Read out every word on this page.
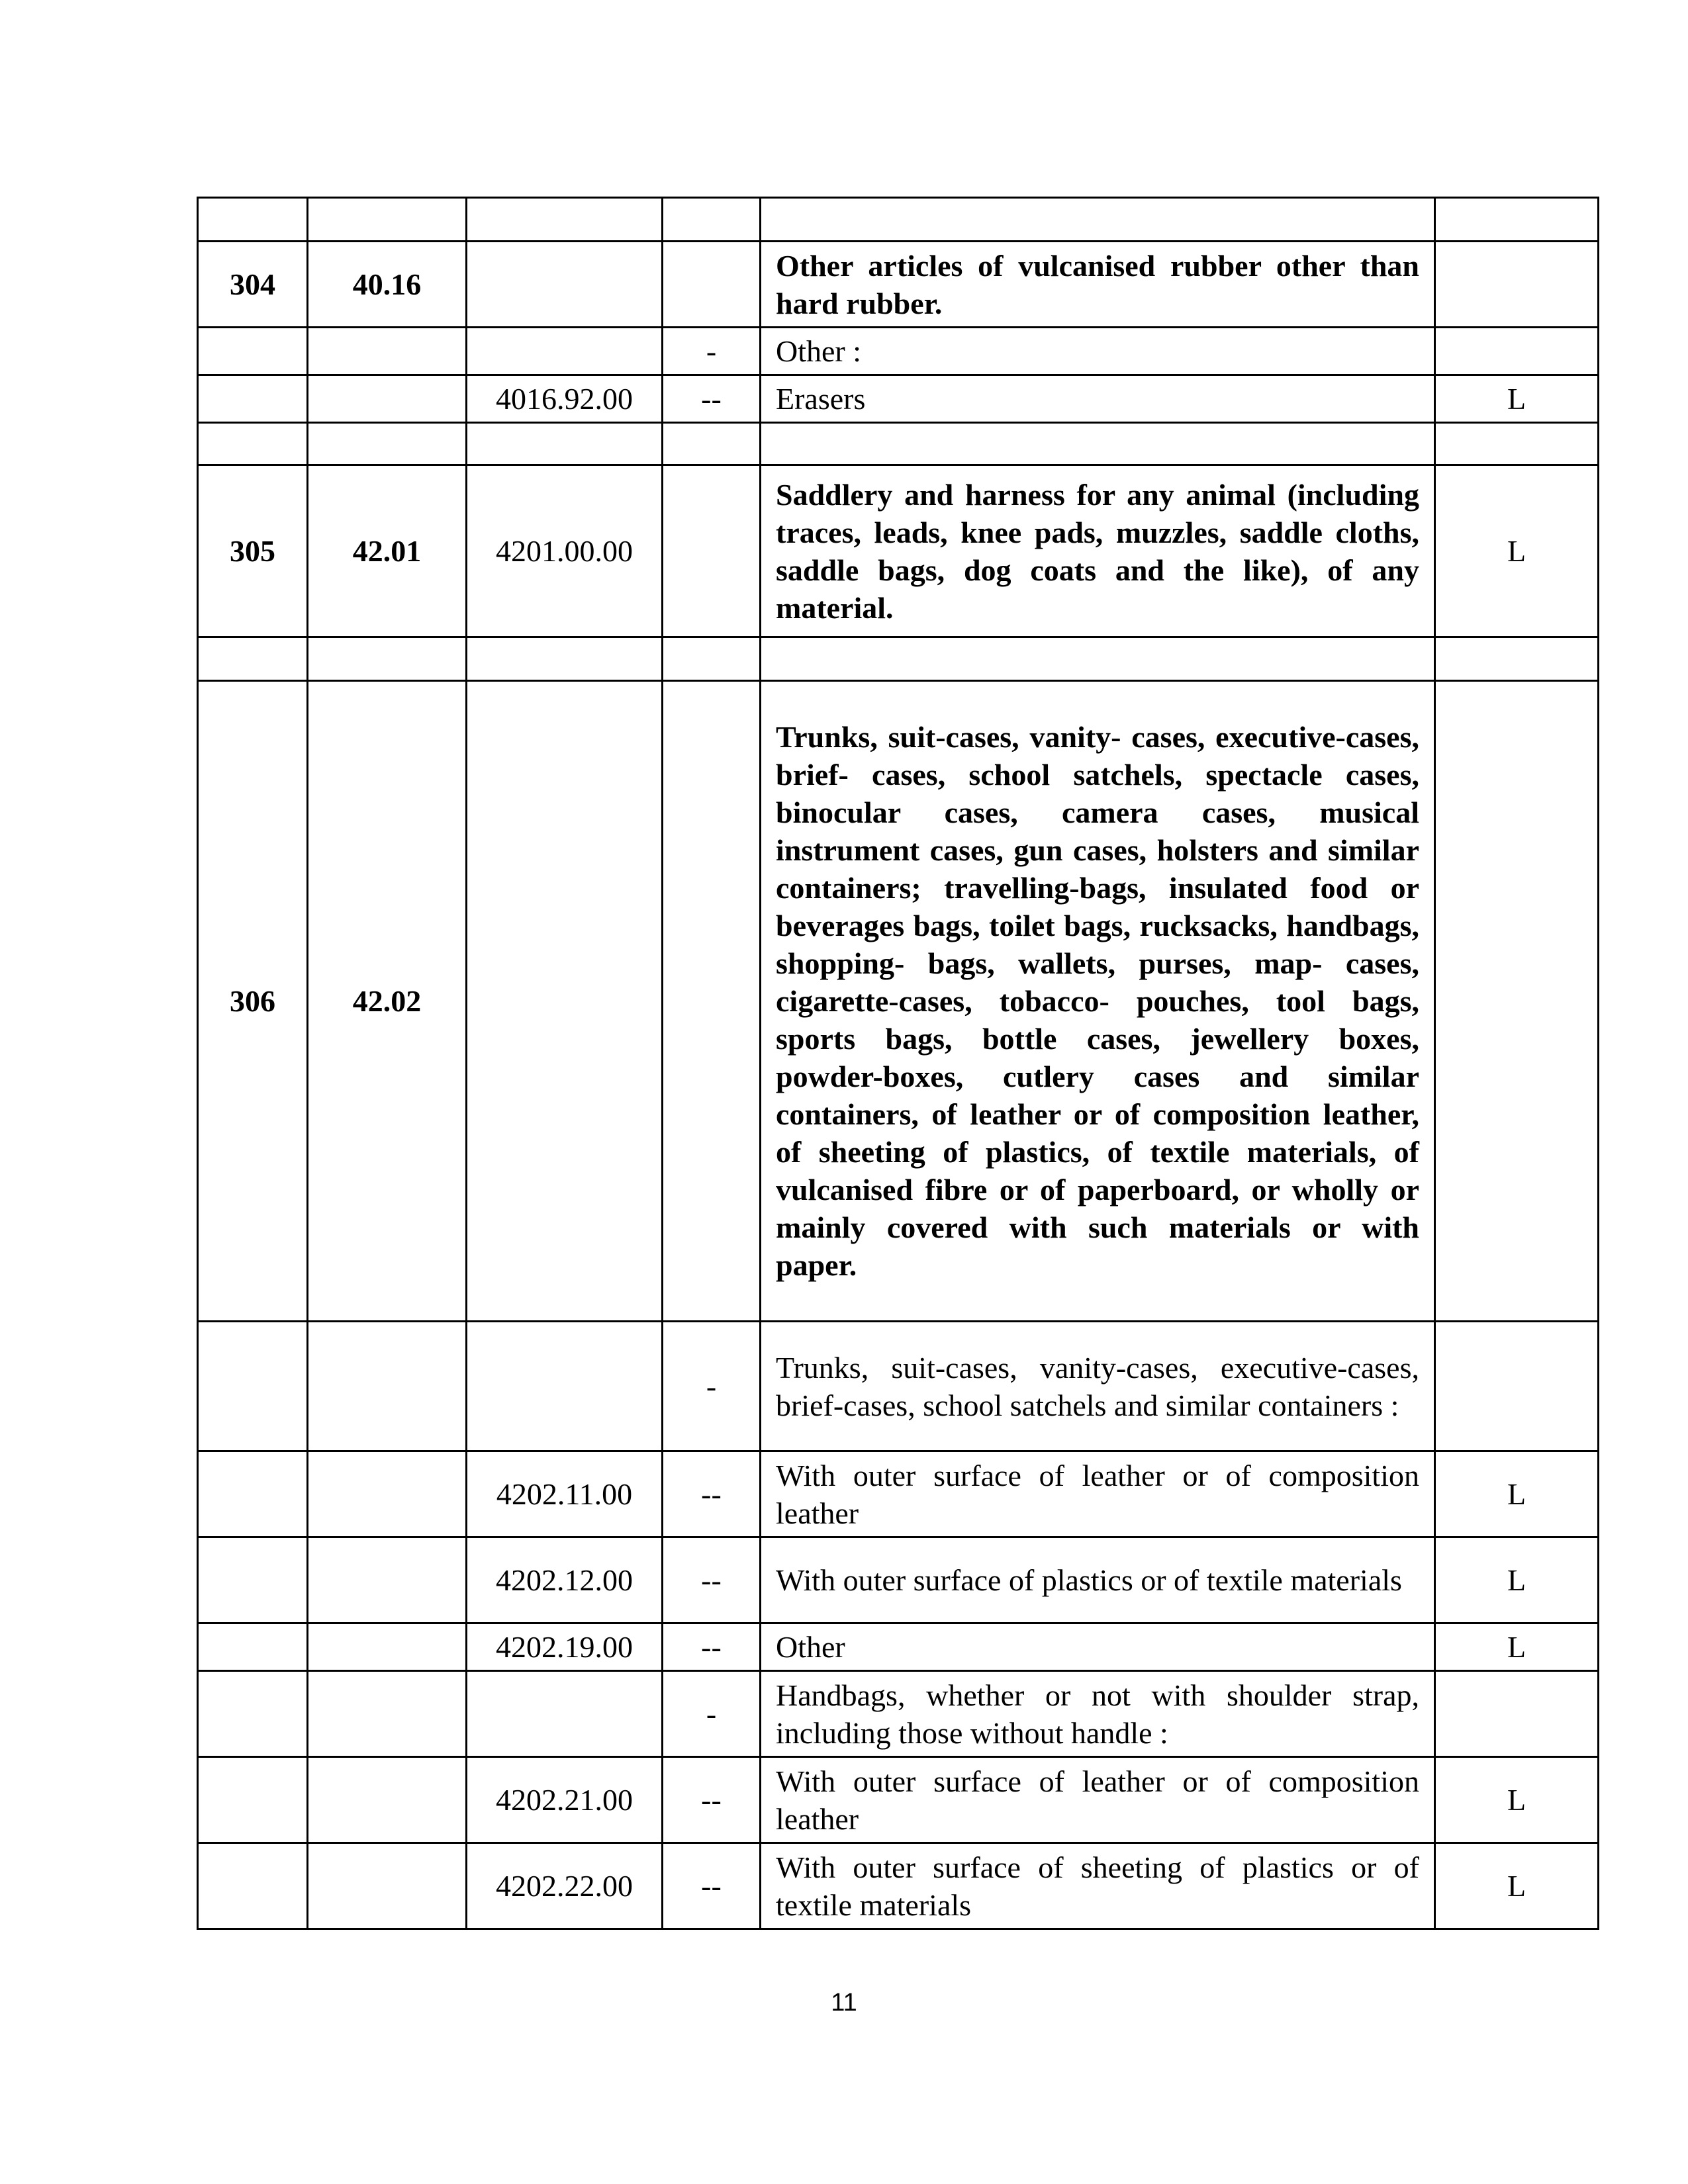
304	40.16			Other articles of vulcanised rubber other than hard rubber.	
			-	Other :	
		4016.92.00	--	Erasers	L

305	42.01	4201.00.00		Saddlery and harness for any animal (including traces, leads, knee pads, muzzles, saddle cloths, saddle bags, dog coats and the like), of any material.	L

306	42.02			Trunks, suit-cases, vanity- cases, executive-cases, brief- cases, school satchels, spectacle cases, binocular cases, camera cases, musical instrument cases, gun cases, holsters and similar containers; travelling-bags, insulated food or beverages bags, toilet bags, rucksacks, handbags, shopping- bags, wallets, purses, map- cases, cigarette-cases, tobacco- pouches, tool bags, sports bags, bottle cases, jewellery boxes, powder-boxes, cutlery cases and similar containers, of leather or of composition leather, of sheeting of plastics, of textile materials, of vulcanised fibre or of paperboard, or wholly or mainly covered with such materials or with paper.	
			-	Trunks, suit-cases, vanity-cases, executive-cases, brief-cases, school satchels and similar containers :	
		4202.11.00	--	With outer surface of leather or of composition leather	L
		4202.12.00	--	With outer surface of plastics or of textile materials	L
		4202.19.00	--	Other	L
			-	Handbags, whether or not with shoulder strap, including those without handle :	
		4202.21.00	--	With outer surface of leather or of composition leather	L
		4202.22.00	--	With outer surface of sheeting of plastics or of textile materials	L
11
